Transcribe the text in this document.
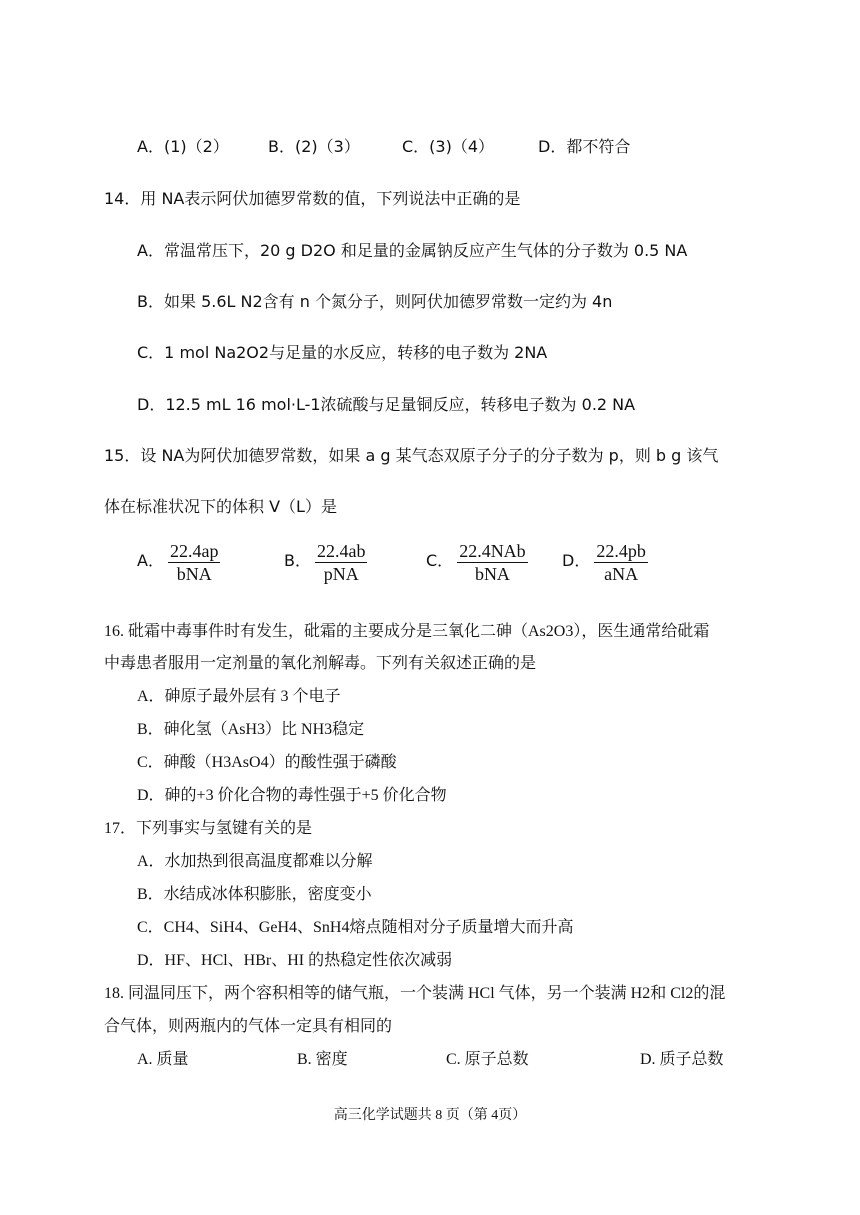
A．(1)（2） B．(2)（3）	C．(3)（4）	D．都不符合
14．用 NA表示阿伏加德罗常数的值，下列说法中正确的是
A．常温常压下，20 g D2O 和足量的金属钠反应产生气体的分子数为 0.5 NA
B．如果 5.6L N2含有 n 个氮分子，则阿伏加德罗常数一定约为 4n
C．1 mol Na2O2与足量的水反应，转移的电子数为 2NA
D．12.5 mL 16 mol·L-1浓硫酸与足量铜反应，转移电子数为 0.2 NA
15．设 NA为阿伏加德罗常数，如果 a g 某气态双原子分子的分子数为 p，则 b g 该气
体在标准状况下的体积 V（L）是
A． $\frac{22.4ap}{\text{bNA}}$	B． $\frac{22.4ab}{\text{pNA}}$	C． $\frac{\text{22.4NAb}}{\text{bNA}}$ D． $\frac{22.4pb}{\text{aNA}}$
16. 砒霜中毒事件时有发生，砒霜的主要成分是三氧化二砷（As2O3），医生通常给砒霜
中毒患者服用一定剂量的氧化剂解毒。下列有关叙述正确的是
A．砷原子最外层有 3 个电子
B．砷化氢（AsH3）比 NH3稳定
C．砷酸（H3AsO4）的酸性强于磷酸
D．砷的+3 价化合物的毒性强于+5 价化合物
17．下列事实与氢键有关的是
A．水加热到很高温度都难以分解
B．水结成冰体积膨胀，密度变小
C．CH4、SiH4、GeH4、SnH4熔点随相对分子质量增大而升高
D．HF、HCl、HBr、HI 的热稳定性依次减弱
18. 同温同压下，两个容积相等的储气瓶，一个装满 HCl 气体，另一个装满 H2和 Cl2的混
合气体，则两瓶内的气体一定具有相同的
A. 质量	B. 密度	C. 原子总数	D. 质子总数
高三化学试题共 8 页（第 4页）
